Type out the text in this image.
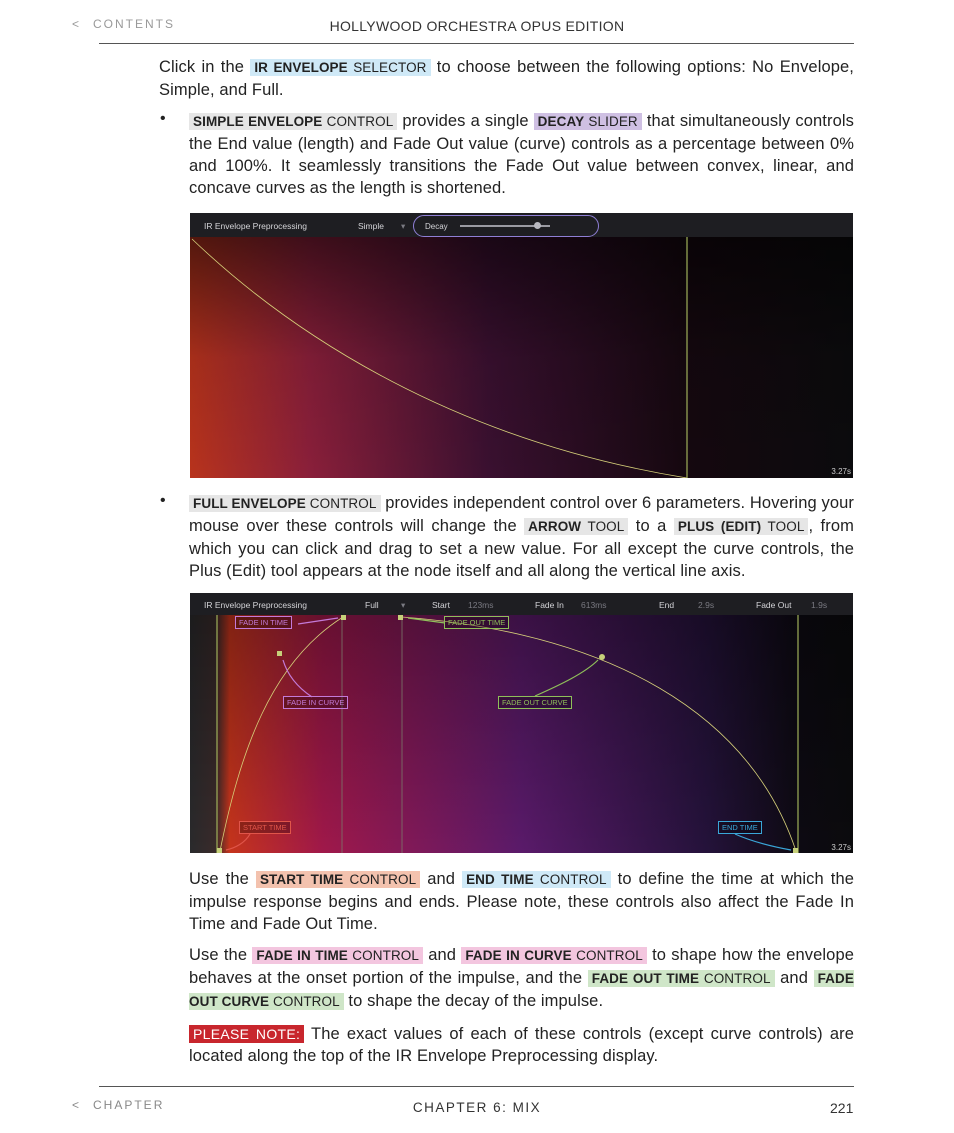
< CONTENTS	HOLLYWOOD ORCHESTRA OPUS EDITION
Click in the IR ENVELOPE SELECTOR to choose between the following options: No Envelope, Simple, and Full.
• SIMPLE ENVELOPE CONTROL provides a single DECAY SLIDER that simultaneously controls the End value (length) and Fade Out value (curve) controls as a percentage between 0% and 100%. It seamlessly transitions the Fade Out value between convex, linear, and concave curves as the length is shortened.
IR Envelope Preprocessing	Simple ▾ Decay
3.27s
• FULL ENVELOPE CONTROL provides independent control over 6 parameters. Hovering your mouse over these controls will change the ARROW TOOL to a PLUS (EDIT) TOOL , from which you can click and drag to set a new value. For all except the curve controls, the Plus (Edit) tool appears at the node itself and all along the vertical line axis.
IR Envelope Preprocessing	Full	▾	Start 123ms	Fade In 613ms	End	2.9s	Fade Out 1.9s
FADE IN TIME	FADE OUT TIME
FADE IN CURVE	FADE OUT CURVE
START TIME	END TIME
3.27s
Use the START TIME CONTROL and END TIME CONTROL to define the time at which the impulse response begins and ends. Please note, these controls also affect the Fade In Time and Fade Out Time.
Use the FADE IN TIME CONTROL and FADE IN CURVE CONTROL to shape how the envelope behaves at the onset portion of the impulse, and the FADE OUT TIME CONTROL and FADE OUT CURVE CONTROL to shape the decay of the impulse.
PLEASE NOTE: The exact values of each of these controls (except curve controls) are located along the top of the IR Envelope Preprocessing display.
< CHAPTER	CHAPTER 6: MIX	221
